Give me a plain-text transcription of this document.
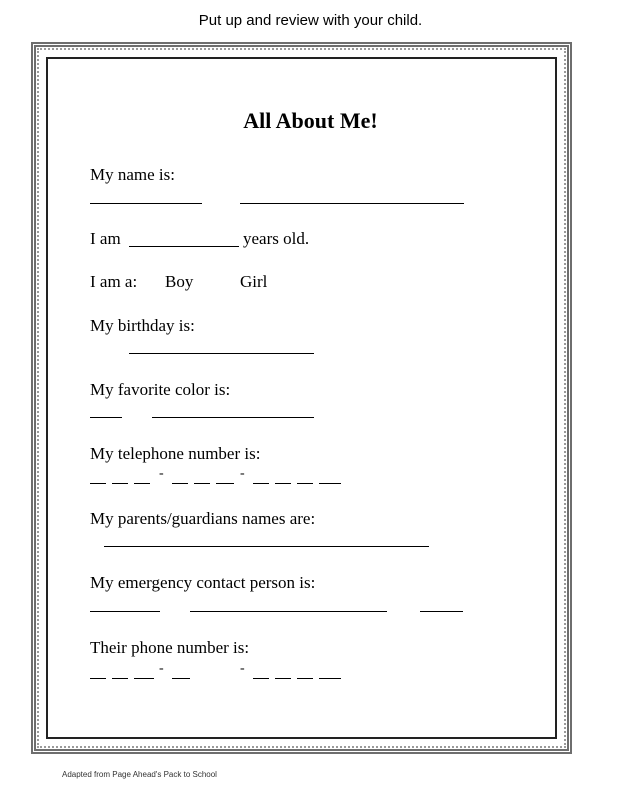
Put up and review with your child.
All About Me!
My name is:
I am	years old.
I am a: Boy	Girl
My birthday is:
My favorite color is:
My telephone number is:
-	-
My parents/guardians names are:
My emergency contact person is:
Their phone number is:
-	-
Adapted from Page Ahead's Pack to School
